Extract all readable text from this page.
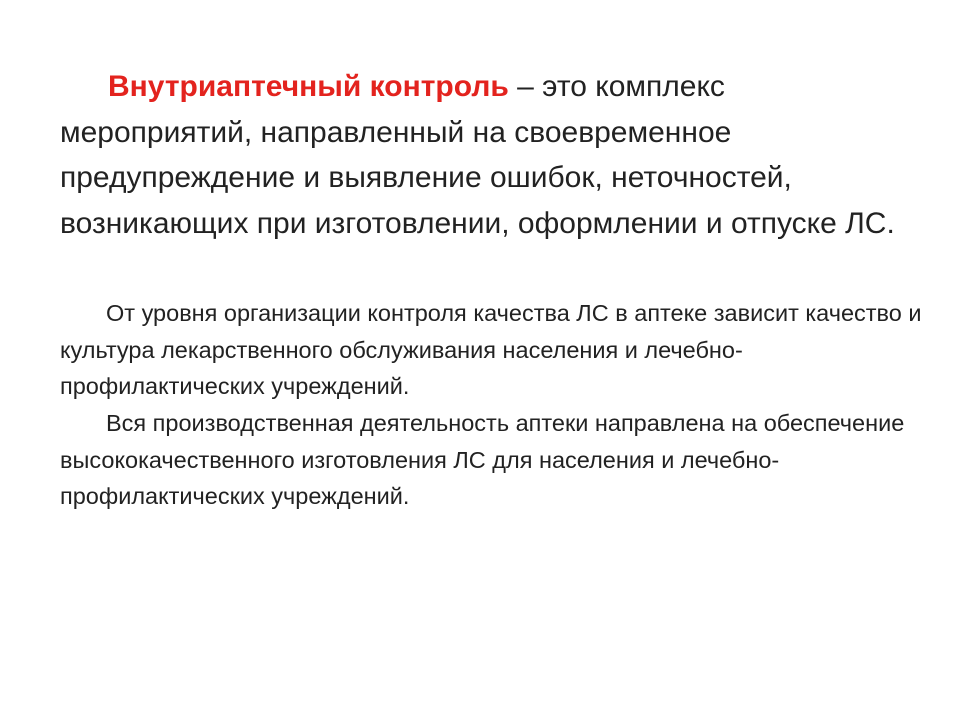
Внутриаптечный контроль – это комплекс мероприятий, направленный на своевременное предупреждение и выявление ошибок, неточностей, возникающих при изготовлении, оформлении и отпуске ЛС.

От уровня организации контроля качества ЛС в аптеке зависит качество и культура лекарственного обслуживания населения и лечебно-профилактических учреждений.

Вся производственная деятельность аптеки направлена на обеспечение высококачественного изготовления ЛС для населения и лечебно-профилактических учреждений.
